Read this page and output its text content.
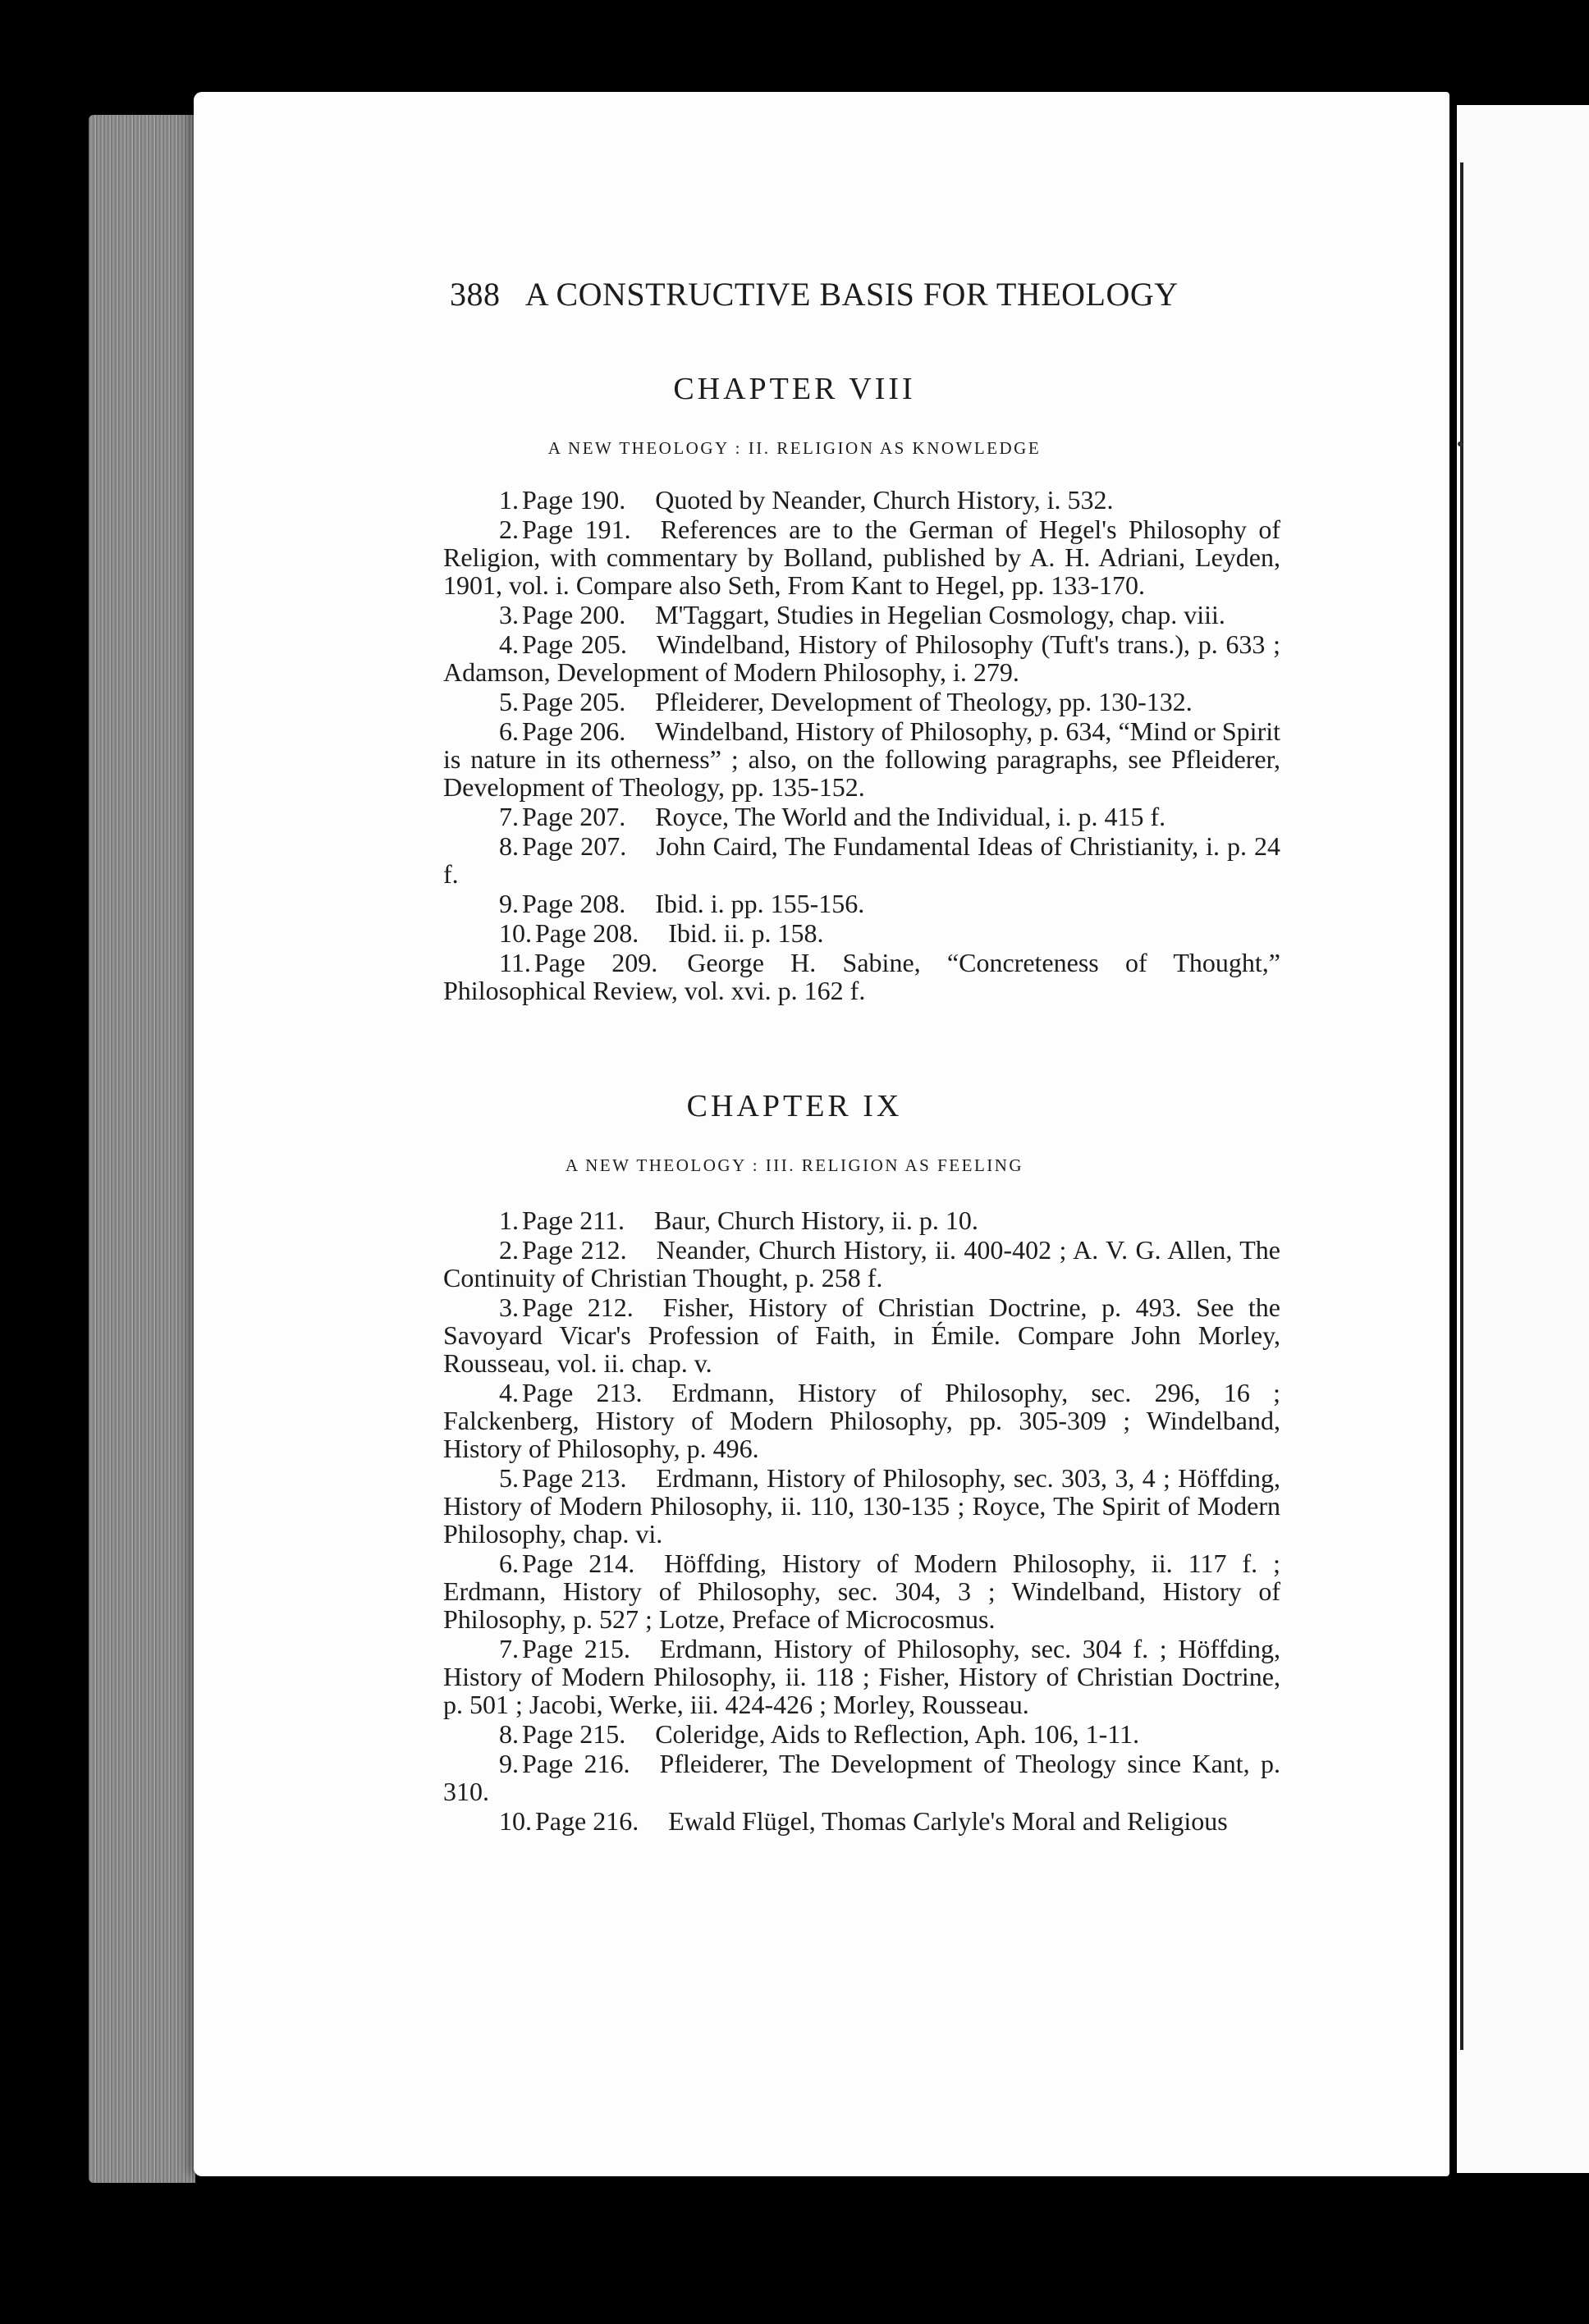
388 A CONSTRUCTIVE BASIS FOR THEOLOGY
CHAPTER VIII
A NEW THEOLOGY : II. RELIGION AS KNOWLEDGE

1. Page 190. Quoted by Neander, Church History, i. 532.

2. Page 191. References are to the German of Hegel's Philosophy of Religion, with commentary by Bolland, published by A. H. Adriani, Leyden, 1901, vol. i. Compare also Seth, From Kant to Hegel, pp. 133-170.

3. Page 200. M'Taggart, Studies in Hegelian Cosmology, chap. viii.

4. Page 205. Windelband, History of Philosophy (Tuft's trans.), p. 633 ; Adamson, Development of Modern Philosophy, i. 279.

5. Page 205. Pfleiderer, Development of Theology, pp. 130-132.

6. Page 206. Windelband, History of Philosophy, p. 634, “Mind or Spirit is nature in its otherness” ; also, on the following paragraphs, see Pfleiderer, Development of Theology, pp. 135-152.

7. Page 207. Royce, The World and the Individual, i. p. 415 f.

8. Page 207. John Caird, The Fundamental Ideas of Christianity, i. p. 24 f.

9. Page 208. Ibid. i. pp. 155-156.

10. Page 208. Ibid. ii. p. 158.

11. Page 209. George H. Sabine, “Concreteness of Thought,” Philosophical Review, vol. xvi. p. 162 f.

CHAPTER IX
A NEW THEOLOGY : III. RELIGION AS FEELING

1. Page 211. Baur, Church History, ii. p. 10.

2. Page 212. Neander, Church History, ii. 400-402 ; A. V. G. Allen, The Continuity of Christian Thought, p. 258 f.

3. Page 212. Fisher, History of Christian Doctrine, p. 493. See the Savoyard Vicar's Profession of Faith, in Émile. Compare John Morley, Rousseau, vol. ii. chap. v.

4. Page 213. Erdmann, History of Philosophy, sec. 296, 16 ; Falckenberg, History of Modern Philosophy, pp. 305-309 ; Windelband, History of Philosophy, p. 496.

5. Page 213. Erdmann, History of Philosophy, sec. 303, 3, 4 ; Höffding, History of Modern Philosophy, ii. 110, 130-135 ; Royce, The Spirit of Modern Philosophy, chap. vi.

6. Page 214. Höffding, History of Modern Philosophy, ii. 117 f. ; Erdmann, History of Philosophy, sec. 304, 3 ; Windelband, History of Philosophy, p. 527 ; Lotze, Preface of Microcosmus.

7. Page 215. Erdmann, History of Philosophy, sec. 304 f. ; Höffding, History of Modern Philosophy, ii. 118 ; Fisher, History of Christian Doctrine, p. 501 ; Jacobi, Werke, iii. 424-426 ; Morley, Rousseau.

8. Page 215. Coleridge, Aids to Reflection, Aph. 106, 1-11.

9. Page 216. Pfleiderer, The Development of Theology since Kant, p. 310.

10. Page 216. Ewald Flügel, Thomas Carlyle's Moral and Religious
